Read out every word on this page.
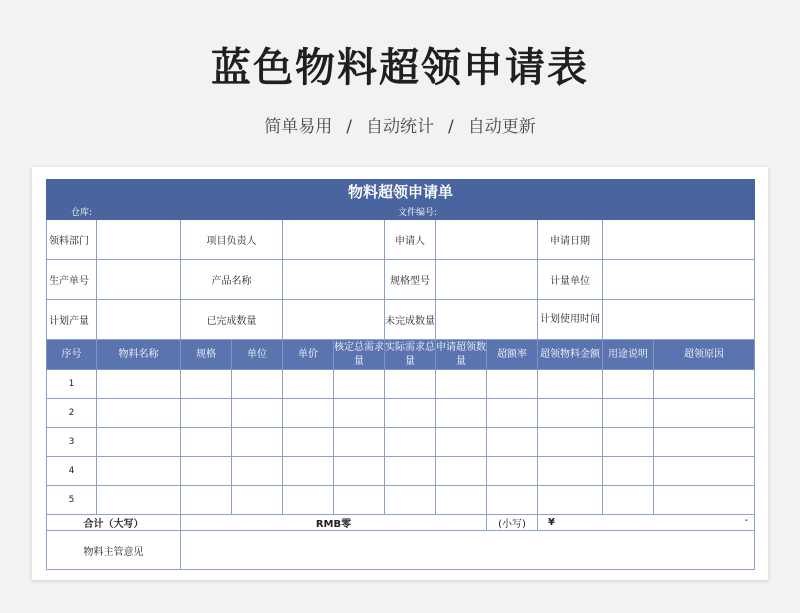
蓝色物料超领申请表
简单易用 / 自动统计 / 自动更新
物料超领申请单											
仓库:					文件编号:						
领料部门		项目负责人				申请人			申请日期		
生产单号		产品名称				规格型号			计量单位		
计划产量		已完成数量				未完成数量			计划使用时间		
序号	物料名称	规格	单位	单价	核定总需求量	实际需求总量	申请超领数量	超额率	超领物料金额	用途说明	超领原因
1											
2											
3											
4											
5											
合计（大写）		RMB零						(小写)	¥ -		

物料主管意见											
